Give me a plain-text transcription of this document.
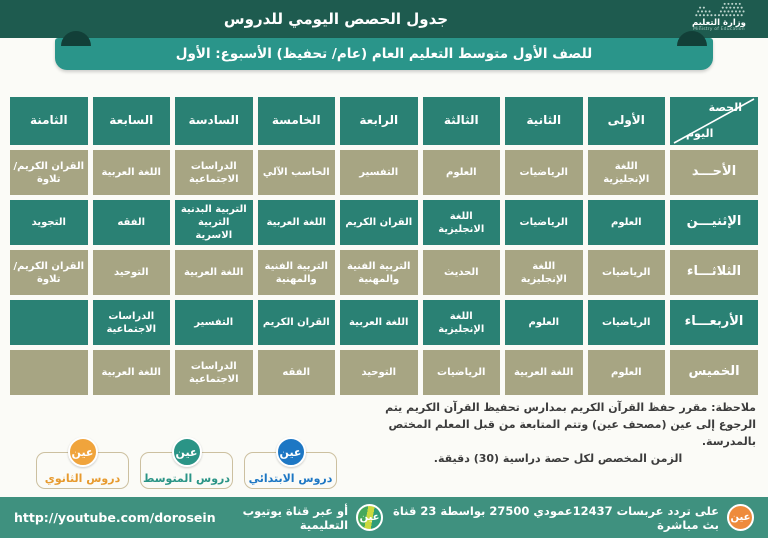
جدول الحصص اليومي للدروس	وزارة التعليم
Ministry of Education
للصف الأول متوسط التعليم العام (عام/ تحفيظ) الأسبوع: الأول
الحصة
اليوم
الأولى
الثانية
الثالثة
الرابعة
الخامسة
السادسة
السابعة
الثامنة
الأحـــد
اللغة الإنجليزية
الرياضيات
العلوم
التفسير
الحاسب الآلي
الدراسات الاجتماعية
اللغة العربية
القران الكريم/ تلاوة
الإثنيـــن
العلوم
الرياضيات
اللغة الانجليزية
القران الكريم
اللغة العربية
التربية البدنية التربية الاسرية
الفقه
التجويد
الثلاثـــاء
الرياضيات
اللغة الإنجليزية
الحديث
التربية الفنية والمهنية
التربية الفنية والمهنية
اللغة العربية
التوحيد
القران الكريم/ تلاوة
الأربعـــاء
الرياضيات
العلوم
اللغة الإنجليزية
اللغة العربية
القران الكريم
التفسير
الدراسات الاجتماعية
الخميس
العلوم
اللغة العربية
الرياضيات
التوحيد
الفقه
الدراسات الاجتماعية
اللغة العربية
ملاحظة: مقرر حفظ القرآن الكريم بمدارس تحفيظ القرآن الكريم يتم الرجوع إلى عين (مصحف عين) وتتم المتابعة من قبل المعلم المختص بالمدرسة.
الزمن المخصص لكل حصة دراسية (30) دقيقة.
عين
دروس الابتدائي
عين
دروس المتوسط
عين
دروس الثانوي
عين
على تردد عربسات 12437عمودي 27500 بواسطة 23 قناة بث مباشرة
عين
أو عبر قناة يوتيوب التعليمية
http://youtube.com/dorosein
